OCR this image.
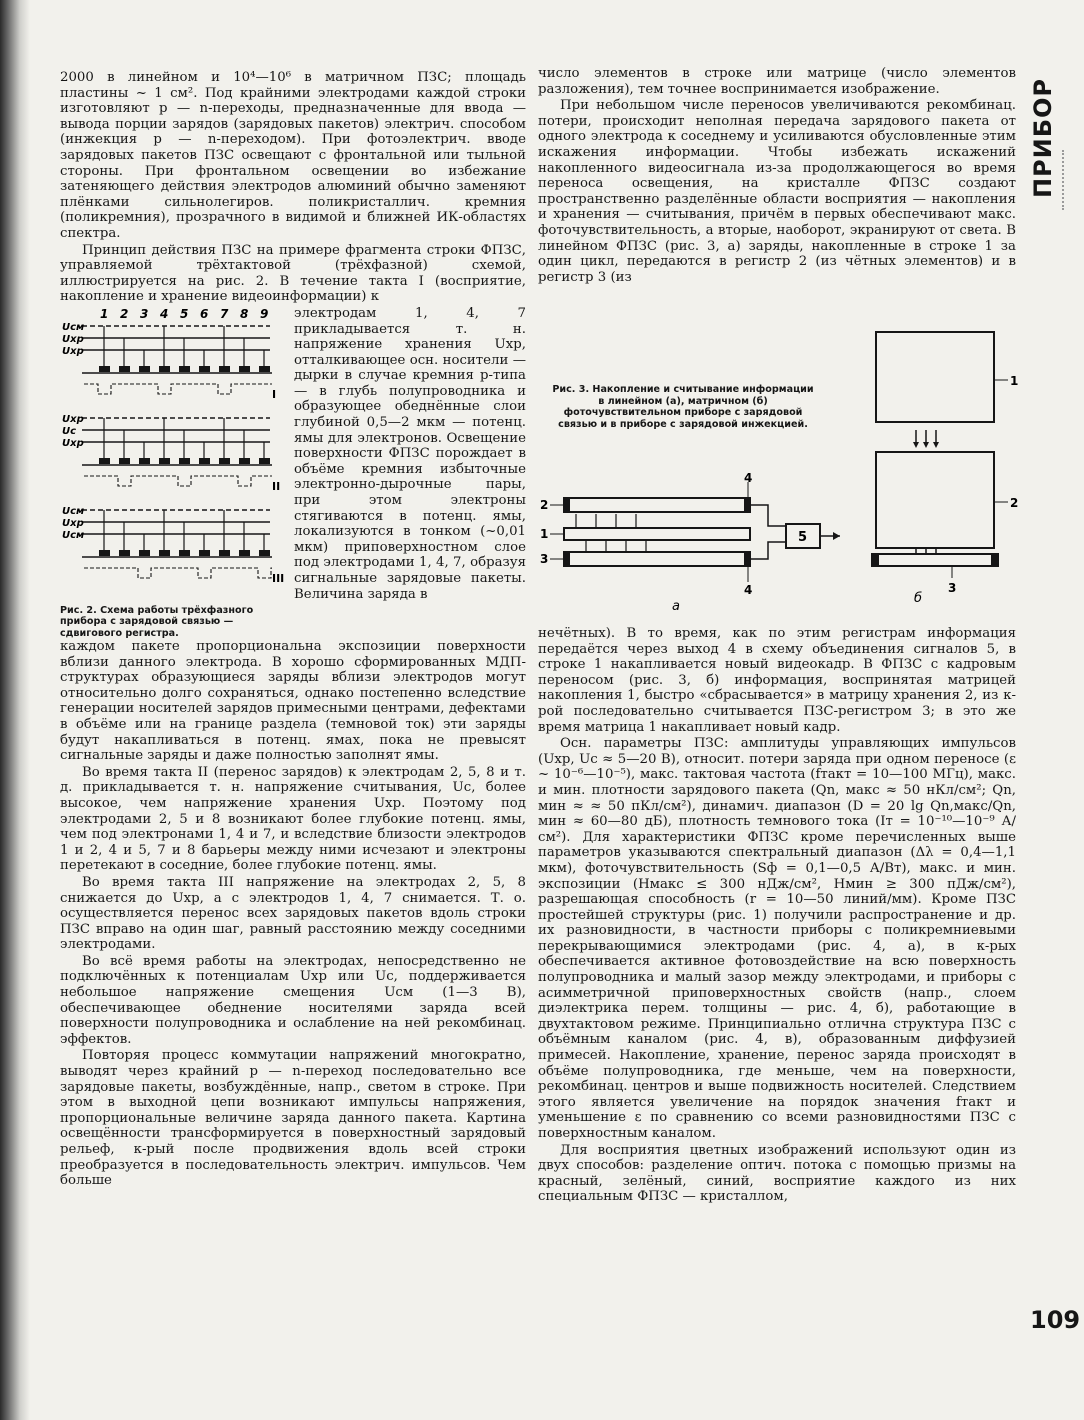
ПРИБОР

2000 в линейном и 10⁴—10⁶ в матричном ПЗС; площадь пластины ~ 1 см². Под крайними электродами каждой строки изготовляют p — n-переходы, предназначенные для ввода — вывода порции зарядов (зарядовых пакетов) электрич. способом (инжекция p — n-переходом). При фотоэлектрич. вводе зарядовых пакетов ПЗС освещают с фронтальной или тыльной стороны. При фронтальном освещении во избежание затеняющего действия электродов алюминий обычно заменяют плёнками сильнолегиров. поликристаллич. кремния (поликремния), прозрачного в видимой и ближней ИК-областях спектра.

Принцип действия ПЗС на примере фрагмента строки ФПЗС, управляемой трёхтактовой (трёхфазной) схемой, иллюстрируется на рис. 2. В течение такта I (восприятие, накопление и хранение видеоинформации) к

1 2 3 4 5 6 7 8 9
Uсм
Uхр
Uхр
I
Uхр
Uс
Uхр
II
Uсм
Uхр
Uсм
III
Рис. 2. Схема работы трёхфазного прибора с зарядовой связью — сдвигового регистра.
электродам 1, 4, 7 прикладывается т. н. напряжение хранения Uхр, отталкивающее осн. носители — дырки в случае кремния p-типа — в глубь полупроводника и образующее обеднённые слои глубиной 0,5—2 мкм — потенц. ямы для электронов. Освещение поверхности ФПЗС порождает в объёме кремния избыточные электронно-дырочные пары, при этом электроны стягиваются в потенц. ямы, локализуются в тонком (~0,01 мкм) приповерхностном слое под электродами 1, 4, 7, образуя сигнальные зарядовые пакеты. Величина заряда в

каждом пакете пропорциональна экспозиции поверхности вблизи данного электрода. В хорошо сформированных МДП-структурах образующиеся заряды вблизи электродов могут относительно долго сохраняться, однако постепенно вследствие генерации носителей зарядов примесными центрами, дефектами в объёме или на границе раздела (темновой ток) эти заряды будут накапливаться в потенц. ямах, пока не превысят сигнальные заряды и даже полностью заполнят ямы.

Во время такта II (перенос зарядов) к электродам 2, 5, 8 и т. д. прикладывается т. н. напряжение считывания, Uс, более высокое, чем напряжение хранения Uхр. Поэтому под электродами 2, 5 и 8 возникают более глубокие потенц. ямы, чем под электронами 1, 4 и 7, и вследствие близости электродов 1 и 2, 4 и 5, 7 и 8 барьеры между ними исчезают и электроны перетекают в соседние, более глубокие потенц. ямы.

Во время такта III напряжение на электродах 2, 5, 8 снижается до Uхр, а с электродов 1, 4, 7 снимается. Т. о. осуществляется перенос всех зарядовых пакетов вдоль строки ПЗС вправо на один шаг, равный расстоянию между соседними электродами.

Во всё время работы на электродах, непосредственно не подключённых к потенциалам Uхр или Uс, поддерживается небольшое напряжение смещения Uсм (1—3 В), обеспечивающее обеднение носителями заряда всей поверхности полупроводника и ослабление на ней рекомбинац. эффектов.

Повторяя процесс коммутации напряжений многократно, выводят через крайний p — n-переход последовательно все зарядовые пакеты, возбуждённые, напр., светом в строке. При этом в выходной цепи возникают импульсы напряжения, пропорциональные величине заряда данного пакета. Картина освещённости трансформируется в поверхностный зарядовый рельеф, к-рый после продвижения вдоль всей строки преобразуется в последовательность электрич. импульсов. Чем больше

число элементов в строке или матрице (число элементов разложения), тем точнее воспринимается изображение.

При небольшом числе переносов увеличиваются рекомбинац. потери, происходит неполная передача зарядового пакета от одного электрода к соседнему и усиливаются обусловленные этим искажения информации. Чтобы избежать искажений накопленного видеосигнала из-за продолжающегося во время переноса освещения, на кристалле ФПЗС создают пространственно разделённые области восприятия — накопления и хранения — считывания, причём в первых обеспечивают макс. фоточувствительность, а вторые, наоборот, экранируют от света. В линейном ФПЗС (рис. 3, а) заряды, накопленные в строке 1 за один цикл, передаются в регистр 2 (из чётных элементов) и в регистр 3 (из

2
1
3
4
4
5
а
1
2
3
б
Рис. 3. Накопление и считывание информации в линейном (а), матричном (б) фоточувствительном приборе с зарядовой связью и в приборе с зарядовой инжекцией.

нечётных). В то время, как по этим регистрам информация передаётся через выход 4 в схему объединения сигналов 5, в строке 1 накапливается новый видеокадр. В ФПЗС с кадровым переносом (рис. 3, б) информация, воспринятая матрицей накопления 1, быстро «сбрасывается» в матрицу хранения 2, из к-рой последовательно считывается ПЗС-регистром 3; в это же время матрица 1 накапливает новый кадр.

Осн. параметры ПЗС: амплитуды управляющих импульсов (Uхр, Uс ≈ 5—20 В), относит. потери заряда при одном переносе (ε ~ 10⁻⁶—10⁻⁵), макс. тактовая частота (fтакт = 10—100 МГц), макс. и мин. плотности зарядового пакета (Qn, макс ≈ 50 нКл/см²; Qn, мин ≈ ≈ 50 пКл/см²), динамич. диапазон (D = 20 lg Qn,макс/Qn, мин ≈ 60—80 дБ), плотность темнового тока (Iт = 10⁻¹⁰—10⁻⁹ А/см²). Для характеристики ФПЗС кроме перечисленных выше параметров указываются спектральный диапазон (Δλ = 0,4—1,1 мкм), фоточувствительность (Sф = 0,1—0,5 А/Вт), макс. и мин. экспозиции (Hмакс ≤ 300 нДж/см², Hмин ≥ 300 пДж/см²), разрешающая способность (r = 10—50 линий/мм). Кроме ПЗС простейшей структуры (рис. 1) получили распространение и др. их разновидности, в частности приборы с поликремниевыми перекрывающимися электродами (рис. 4, а), в к-рых обеспечивается активное фотовоздействие на всю поверхность полупроводника и малый зазор между электродами, и приборы с асимметричной приповерхностных свойств (напр., слоем диэлектрика перем. толщины — рис. 4, б), работающие в двухтактовом режиме. Принципиально отлична структура ПЗС с объёмным каналом (рис. 4, в), образованным диффузией примесей. Накопление, хранение, перенос заряда происходят в объёме полупроводника, где меньше, чем на поверхности, рекомбинац. центров и выше подвижность носителей. Следствием этого является увеличение на порядок значения fтакт и уменьшение ε по сравнению со всеми разновидностями ПЗС с поверхностным каналом.

Для восприятия цветных изображений используют один из двух способов: разделение оптич. потока с помощью призмы на красный, зелёный, синий, восприятие каждого из них специальным ФПЗС — кристаллом,

109
